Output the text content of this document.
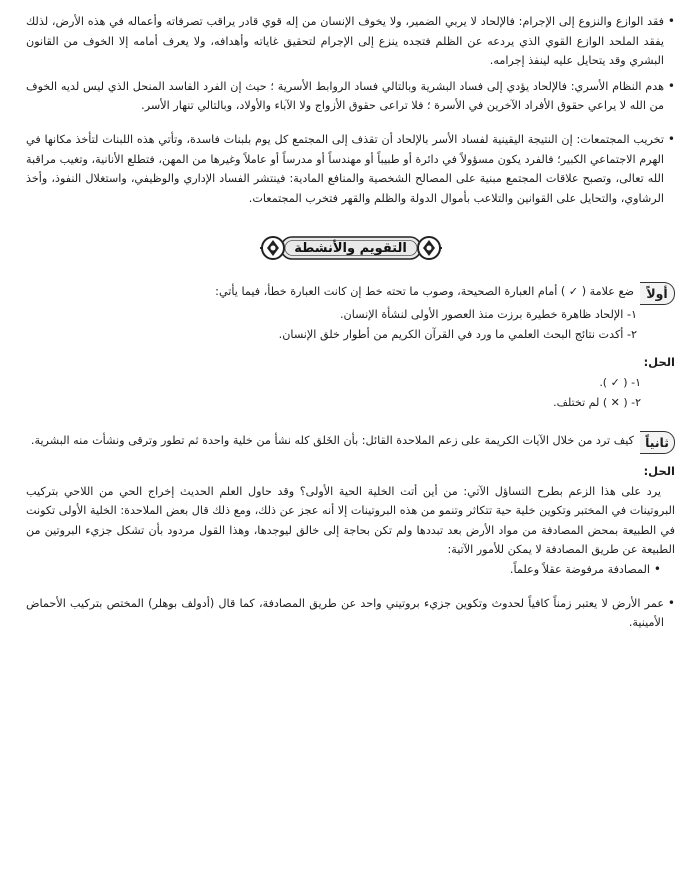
• فقد الوازع والنزوع إلى الإجرام: فالإلحاد لا يربي الضمير، ولا يخوف الإنسان من إله قوي قادر يراقب تصرفاته وأعماله في هذه الأرض، لذلك يفقد الملحد الوازع القوي الذي يردعه عن الظلم فتجده ينزع إلى الإجرام لتحقيق غاياته وأهدافه، ولا يعرف أمامه إلا الخوف من القانون البشري وقد يتحايل عليه لينفذ إجرامه.

• هدم النظام الأسري: فالإلحاد يؤدي إلى فساد البشرية وبالتالي فساد الروابط الأسرية ؛ حيث إن الفرد الفاسد المنحل الذي ليس لديه الخوف من الله لا يراعي حقوق الأفراد الآخرين في الأسرة ؛ فلا تراعى حقوق الأزواج ولا الآباء والأولاد، وبالتالي تنهار الأسر.

• تخريب المجتمعات: إن النتيجة اليقينية لفساد الأسر بالإلحاد أن تقذف إلى المجتمع كل يوم بلبنات فاسدة، وتأتي هذه اللبنات لتأخذ مكانها في الهرم الاجتماعي الكبير؛ فالفرد يكون مسؤولاً في دائرة أو طبيباً أو مهندساً أو مدرساً أو عاملاً وغيرها من المهن، فتطلع الأنانية، وتغيب مراقبة الله تعالى، وتصبح علاقات المجتمع مبنية على المصالح الشخصية والمنافع المادية: فينتشر الفساد الإداري والوظيفي، واستغلال النفوذ، وأخذ الرشاوي، والتحايل على القوانين والتلاعب بأموال الدولة والظلم والقهر فتخرب المجتمعات.

التقويم والأنشطة
أولاً

ضع علامة ( ✓ ) أمام العبارة الصحيحة، وصوب ما تحته خط إن كانت العبارة خطأ، فيما يأتي:

١- الإلحاد ظاهرة خطيرة برزت منذ العصور الأولى لنشأة الإنسان.

٢- أكدت نتائج البحث العلمي ما ورد في القرآن الكريم من أطوار خلق الإنسان.

الحل:
١- ( ✓ ).
٢- ( ✕ ) لم تختلف.
ثانياً

كيف ترد من خلال الآيات الكريمة على زعم الملاحدة القائل: بأن الخَلق كله نشأ من خلية واحدة ثم تطور وترقى ونشأت منه البشرية.

الحل:

يرد على هذا الزعم بطرح التساؤل الآتي: من أين أتت الخلية الحية الأولى؟ وقد حاول العلم الحديث إخراج الحي من اللاحي بتركيب البروتينات في المختبر وتكوين خلية حية تتكاثر وتنمو من هذه البروتينات إلا أنه عجز عن ذلك، ومع ذلك قال بعض الملاحدة: الخلية الأولى تكونت في الطبيعة بمحض المصادفة من مواد الأرض بعد تبددها ولم تكن بحاجة إلى خالق ليوجدها، وهذا القول مردود بأن تشكل جزيء البروتين من الطبيعة عن طريق المصادفة لا يمكن للأمور الآتية:

• المصادفة مرفوضة عقلاً وعلماً.

• عمر الأرض لا يعتبر زمناً كافياً لحدوث وتكوين جزيء بروتيني واحد عن طريق المصادفة، كما قال (أدولف بوهلر) المختص بتركيب الأحماض الأمينية.
